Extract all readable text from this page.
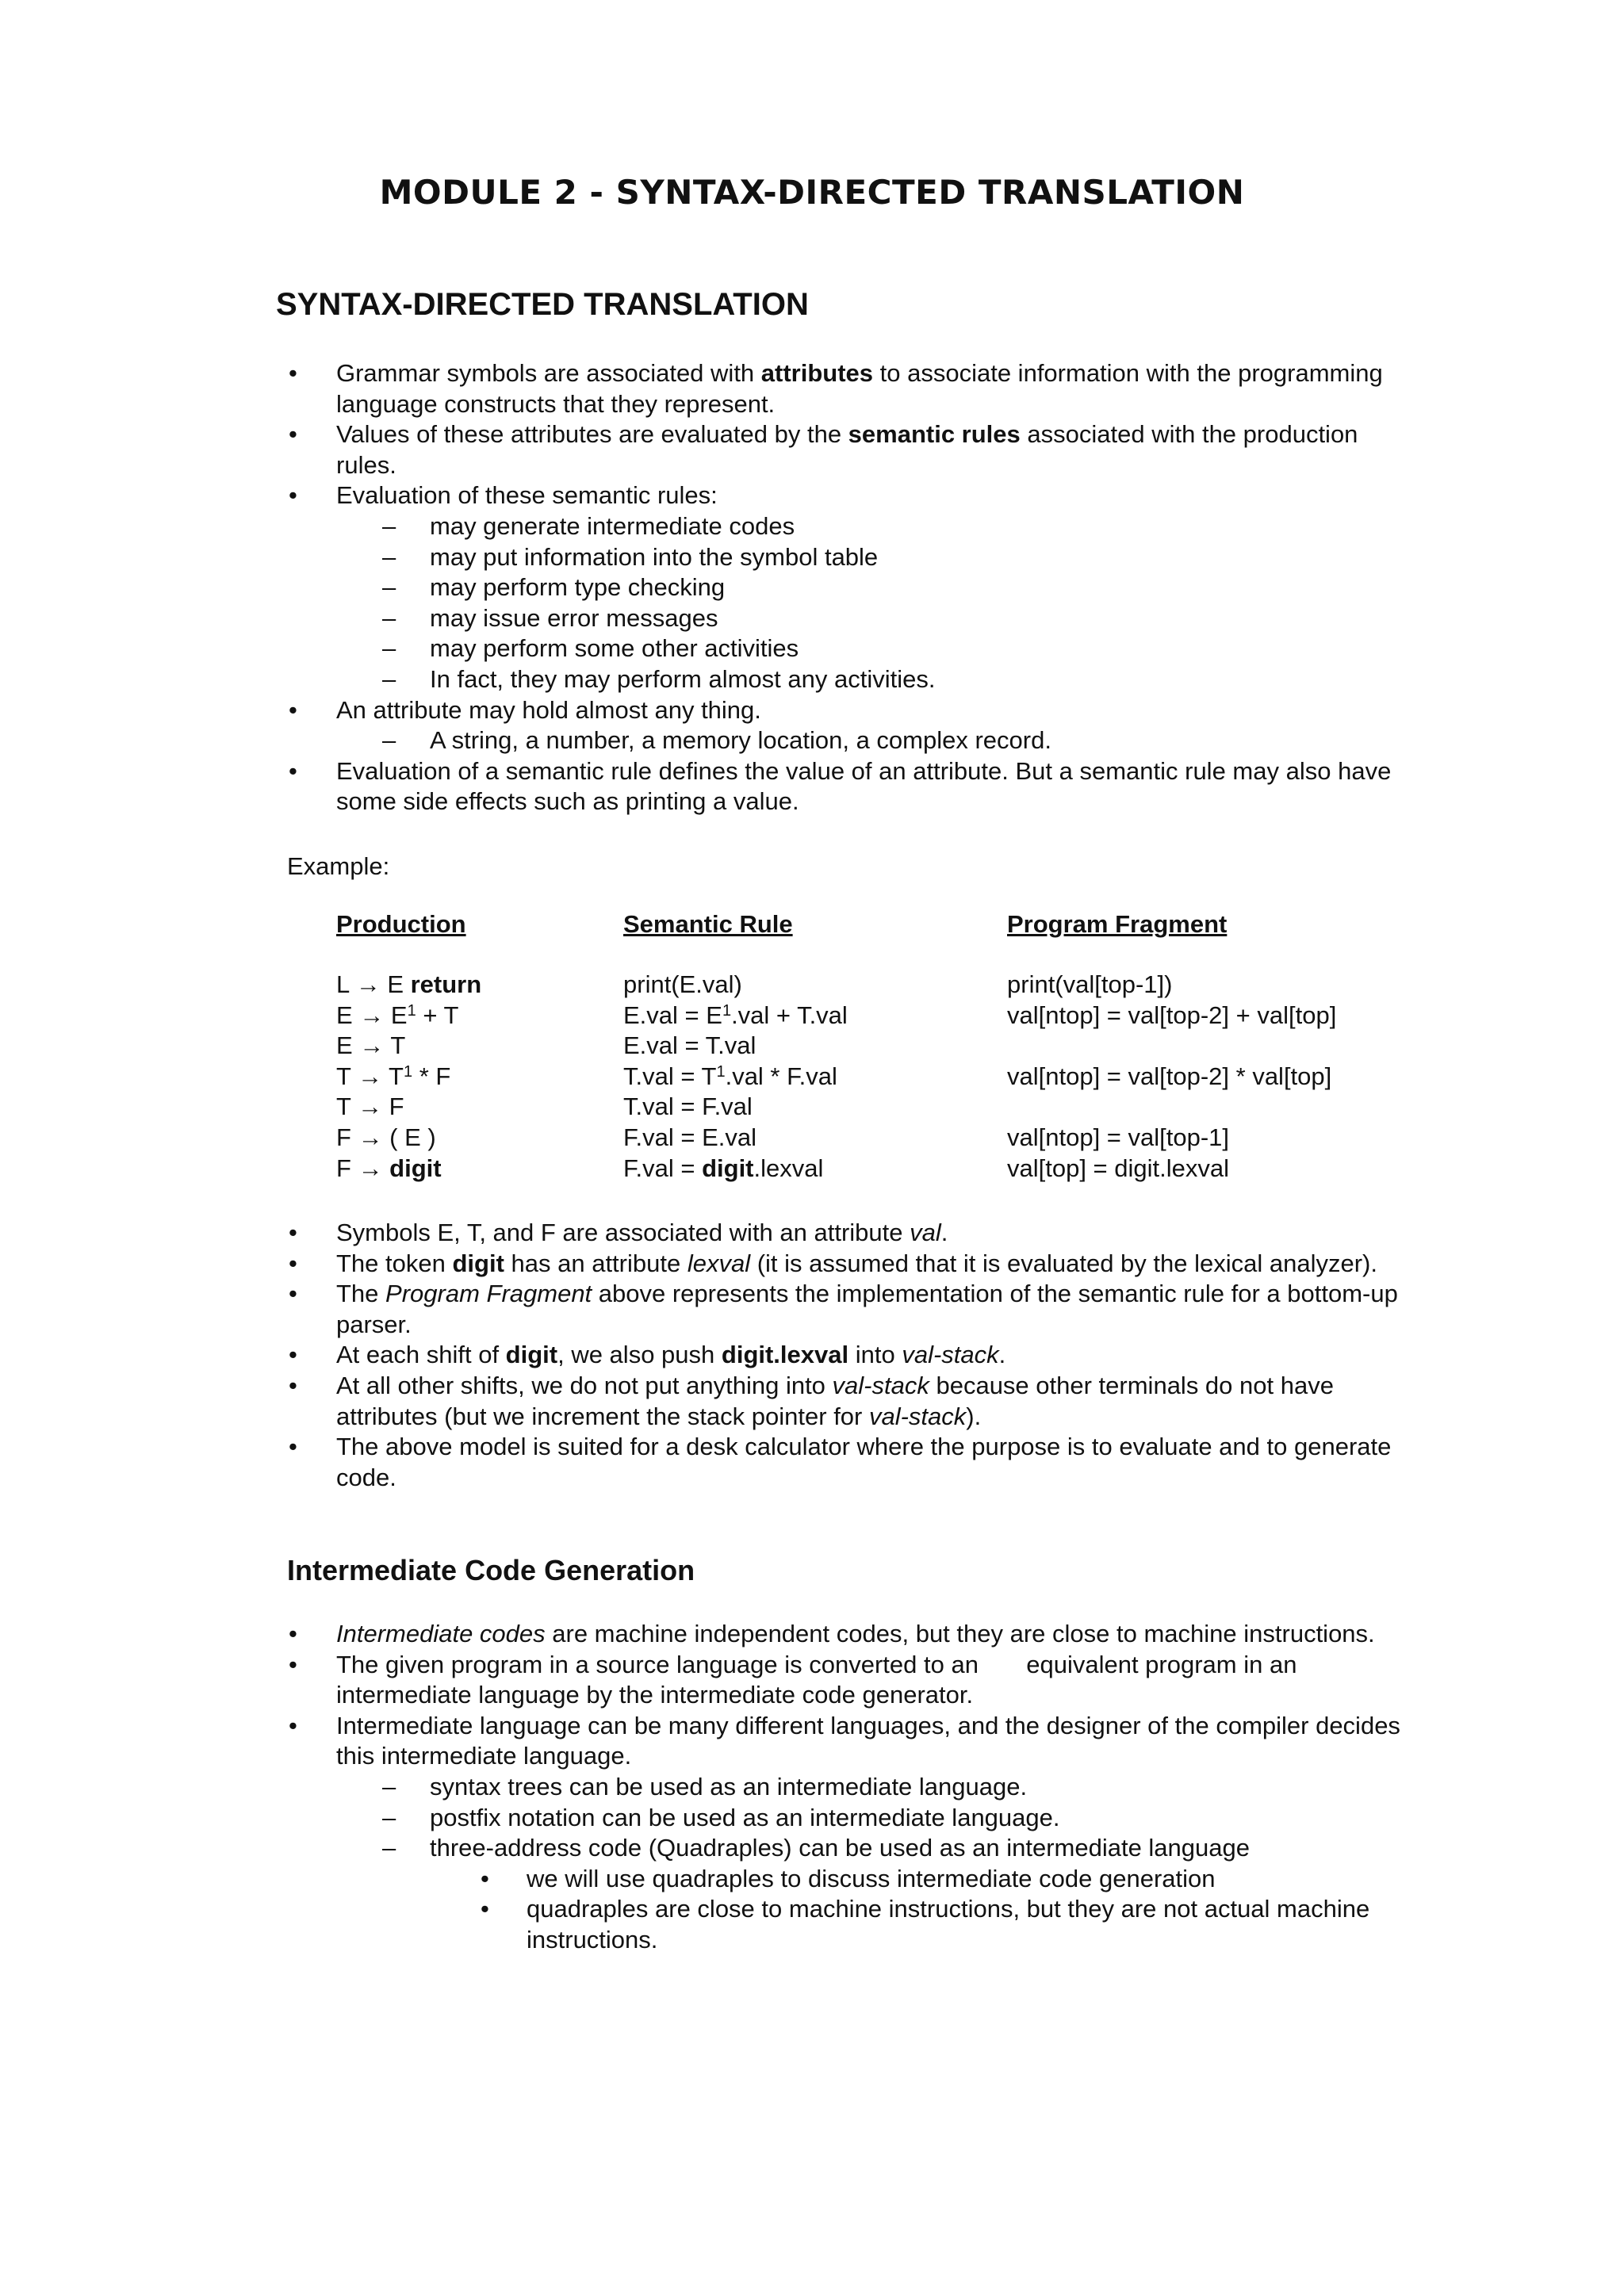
MODULE 2 - SYNTAX-DIRECTED TRANSLATION
SYNTAX-DIRECTED TRANSLATION
• Grammar symbols are associated with attributes to associate information with the programming language constructs that they represent.
• Values of these attributes are evaluated by the semantic rules associated with the production rules.
• Evaluation of these semantic rules:
– may generate intermediate codes
– may put information into the symbol table
– may perform type checking
– may issue error messages
– may perform some other activities
– In fact, they may perform almost any activities.
• An attribute may hold almost any thing.
– A string, a number, a memory location, a complex record.
• Evaluation of a semantic rule defines the value of an attribute. But a semantic rule may also have some side effects such as printing a value.

Example:

Production	Semantic Rule	Program Fragment
L → E return	print(E.val)	print(val[top-1])
$E \to E^1 + T$	$E.val = E^1.val + T.val$	val[ntop] = val[top-2] + val[top]
E → T	E.val = T.val	
$T \to T^1 * F$	$T.val = T^1.val * F.val$	val[ntop] = val[top-2] * val[top]
T → F	T.val = F.val	
F → ( E )	F.val = E.val	val[ntop] = val[top-1]
F → digit	F.val = digit.lexval	val[top] = digit.lexval
• Symbols E, T, and F are associated with an attribute val.
• The token digit has an attribute lexval (it is assumed that it is evaluated by the lexical analyzer).
• The Program Fragment above represents the implementation of the semantic rule for a bottom-up parser.
• At each shift of digit, we also push digit.lexval into val-stack.
• At all other shifts, we do not put anything into val-stack because other terminals do not have attributes (but we increment the stack pointer for val-stack).
• The above model is suited for a desk calculator where the purpose is to evaluate and to generate code.
Intermediate Code Generation
• Intermediate codes are machine independent codes, but they are close to machine instructions.
• The given program in a source language is converted to an       equivalent program in an intermediate language by the intermediate code generator.
• Intermediate language can be many different languages, and the designer of the compiler decides this intermediate language.
– syntax trees can be used as an intermediate language.
– postfix notation can be used as an intermediate language.
– three-address code (Quadraples) can be used as an intermediate language
• we will use quadraples to discuss intermediate code generation
• quadraples are close to machine instructions, but they are not actual machine instructions.
